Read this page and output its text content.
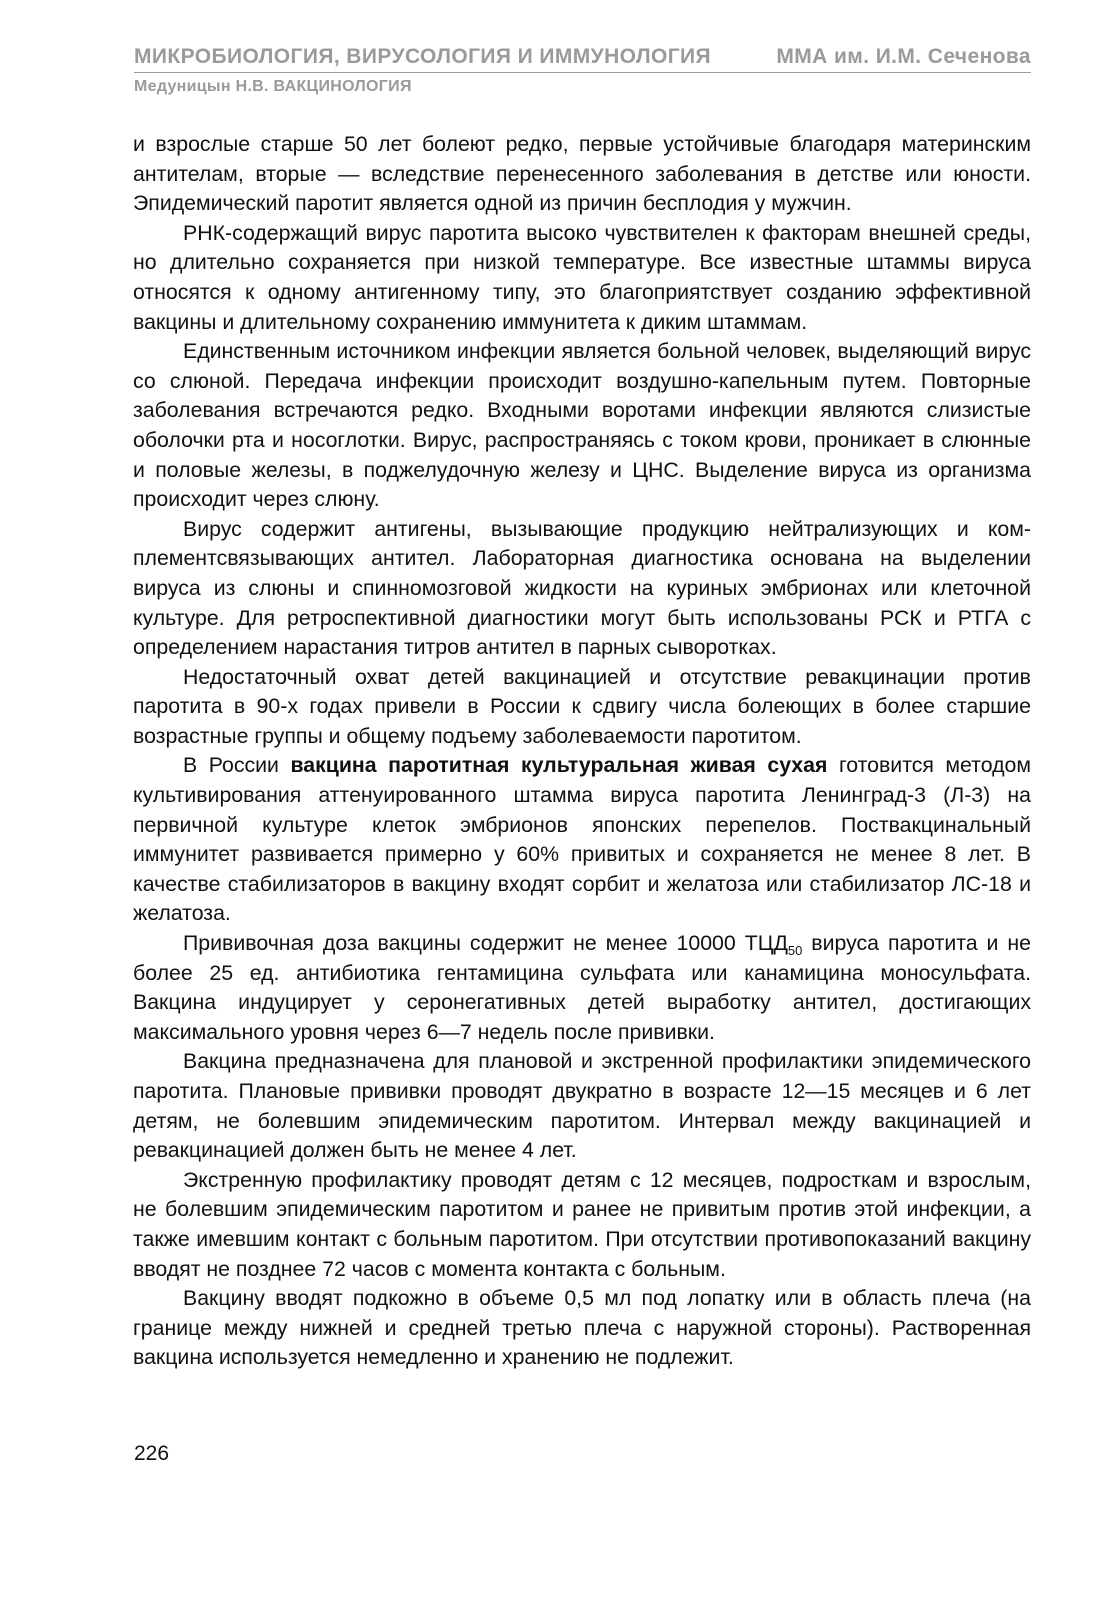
МИКРОБИОЛОГИЯ, ВИРУСОЛОГИЯ И ИММУНОЛОГИЯ	ММА им. И.М. Сеченова
Медуницын Н.В. ВАКЦИНОЛОГИЯ

и взрослые старше 50 лет болеют редко, первые устойчивые благодаря материнским антителам, вторые — вследствие перенесенного заболевания в детстве или юности. Эпидемический паротит является одной из причин бесплодия у мужчин.

РНК-содержащий вирус паротита высоко чувствителен к факторам внешней среды, но длительно сохраняется при низкой температуре. Все известные штаммы вируса относятся к одному антигенному типу, это благоприятствует созданию эффективной вакцины и длительному сохранению иммунитета к диким штаммам.

Единственным источником инфекции является больной человек, выделяющий вирус со слюной. Передача инфекции происходит воздушно-капельным путем. Повторные заболевания встречаются редко. Входными воротами инфекции являются слизистые оболочки рта и носоглотки. Вирус, распространяясь с током крови, проникает в слюнные и половые железы, в поджелудочную железу и ЦНС. Выделение вируса из организма происходит через слюну.

Вирус содержит антигены, вызывающие продукцию нейтрализующих и комплементсвязывающих антител. Лабораторная диагностика основана на выделении вируса из слюны и спинномозговой жидкости на куриных эмбрионах или клеточной культуре. Для ретроспективной диагностики могут быть использованы РСК и РТГА с определением нарастания титров антител в парных сыворотках.

Недостаточный охват детей вакцинацией и отсутствие ревакцинации против паротита в 90-х годах привели в России к сдвигу числа болеющих в более старшие возрастные группы и общему подъему заболеваемости паротитом.

В России вакцина паротитная культуральная живая сухая готовится методом культивирования аттенуированного штамма вируса паротита Ленинград-3 (Л-3) на первичной культуре клеток эмбрионов японских перепелов. Поствакцинальный иммунитет развивается примерно у 60% привитых и сохраняется не менее 8 лет. В качестве стабилизаторов в вакцину входят сорбит и желатоза или стабилизатор ЛС-18 и желатоза.

Прививочная доза вакцины содержит не менее 10000 $ТЦД_{50}$ вируса паротита и не более 25 ед. антибиотика гентамицина сульфата или канамицина моносульфата. Вакцина индуцирует у серонегативных детей выработку антител, достигающих максимального уровня через 6—7 недель после прививки.

Вакцина предназначена для плановой и экстренной профилактики эпидемического паротита. Плановые прививки проводят двукратно в возрасте 12—15 месяцев и 6 лет детям, не болевшим эпидемическим паротитом. Интервал между вакцинацией и ревакцинацией должен быть не менее 4 лет.

Экстренную профилактику проводят детям с 12 месяцев, подросткам и взрослым, не болевшим эпидемическим паротитом и ранее не привитым против этой инфекции, а также имевшим контакт с больным паротитом. При отсутствии противопоказаний вакцину вводят не позднее 72 часов с момента контакта с больным.

Вакцину вводят подкожно в объеме 0,5 мл под лопатку или в область плеча (на границе между нижней и средней третью плеча с наружной стороны). Растворенная вакцина используется немедленно и хранению не подлежит.

226
